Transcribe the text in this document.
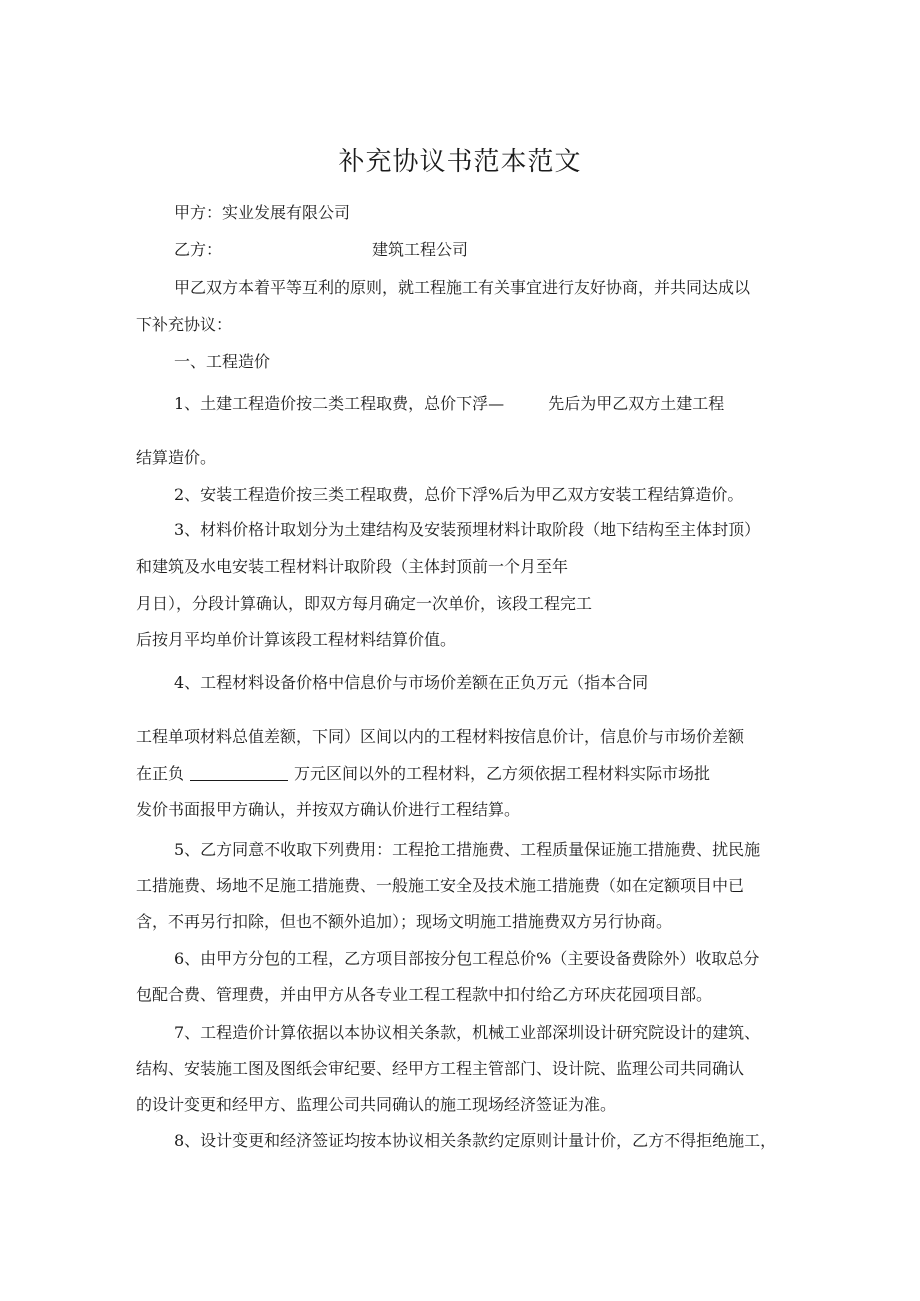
补充协议书范本范文
甲方：实业发展有限公司
乙方：	建筑工程公司
甲乙双方本着平等互利的原则，就工程施工有关事宜进行友好协商，并共同达成以
下补充协议：
一、工程造价
1、土建工程造价按二类工程取费，总价下浮—	先后为甲乙双方土建工程
结算造价。
2、安装工程造价按三类工程取费，总价下浮%后为甲乙双方安装工程结算造价。
3、材料价格计取划分为土建结构及安装预埋材料计取阶段（地下结构至主体封顶）
和建筑及水电安装工程材料计取阶段（主体封顶前一个月至年
月日），分段计算确认，即双方每月确定一次单价，该段工程完工
后按月平均单价计算该段工程材料结算价值。
4、工程材料设备价格中信息价与市场价差额在正负万元（指本合同
工程单项材料总值差额，下同）区间以内的工程材料按信息价计，信息价与市场价差额
在正负	万元区间以外的工程材料，乙方须依据工程材料实际市场批
发价书面报甲方确认，并按双方确认价进行工程结算。
5、乙方同意不收取下列费用：工程抢工措施费、工程质量保证施工措施费、扰民施
工措施费、场地不足施工措施费、一般施工安全及技术施工措施费（如在定额项目中已
含，不再另行扣除，但也不额外追加）；现场文明施工措施费双方另行协商。
6、由甲方分包的工程，乙方项目部按分包工程总价%（主要设备费除外）收取总分
包配合费、管理费，并由甲方从各专业工程工程款中扣付给乙方环庆花园项目部。
7、工程造价计算依据以本协议相关条款，机械工业部深圳设计研究院设计的建筑、
结构、安装施工图及图纸会审纪要、经甲方工程主管部门、设计院、监理公司共同确认
的设计变更和经甲方、监理公司共同确认的施工现场经济签证为准。
8、设计变更和经济签证均按本协议相关条款约定原则计量计价，乙方不得拒绝施工，
